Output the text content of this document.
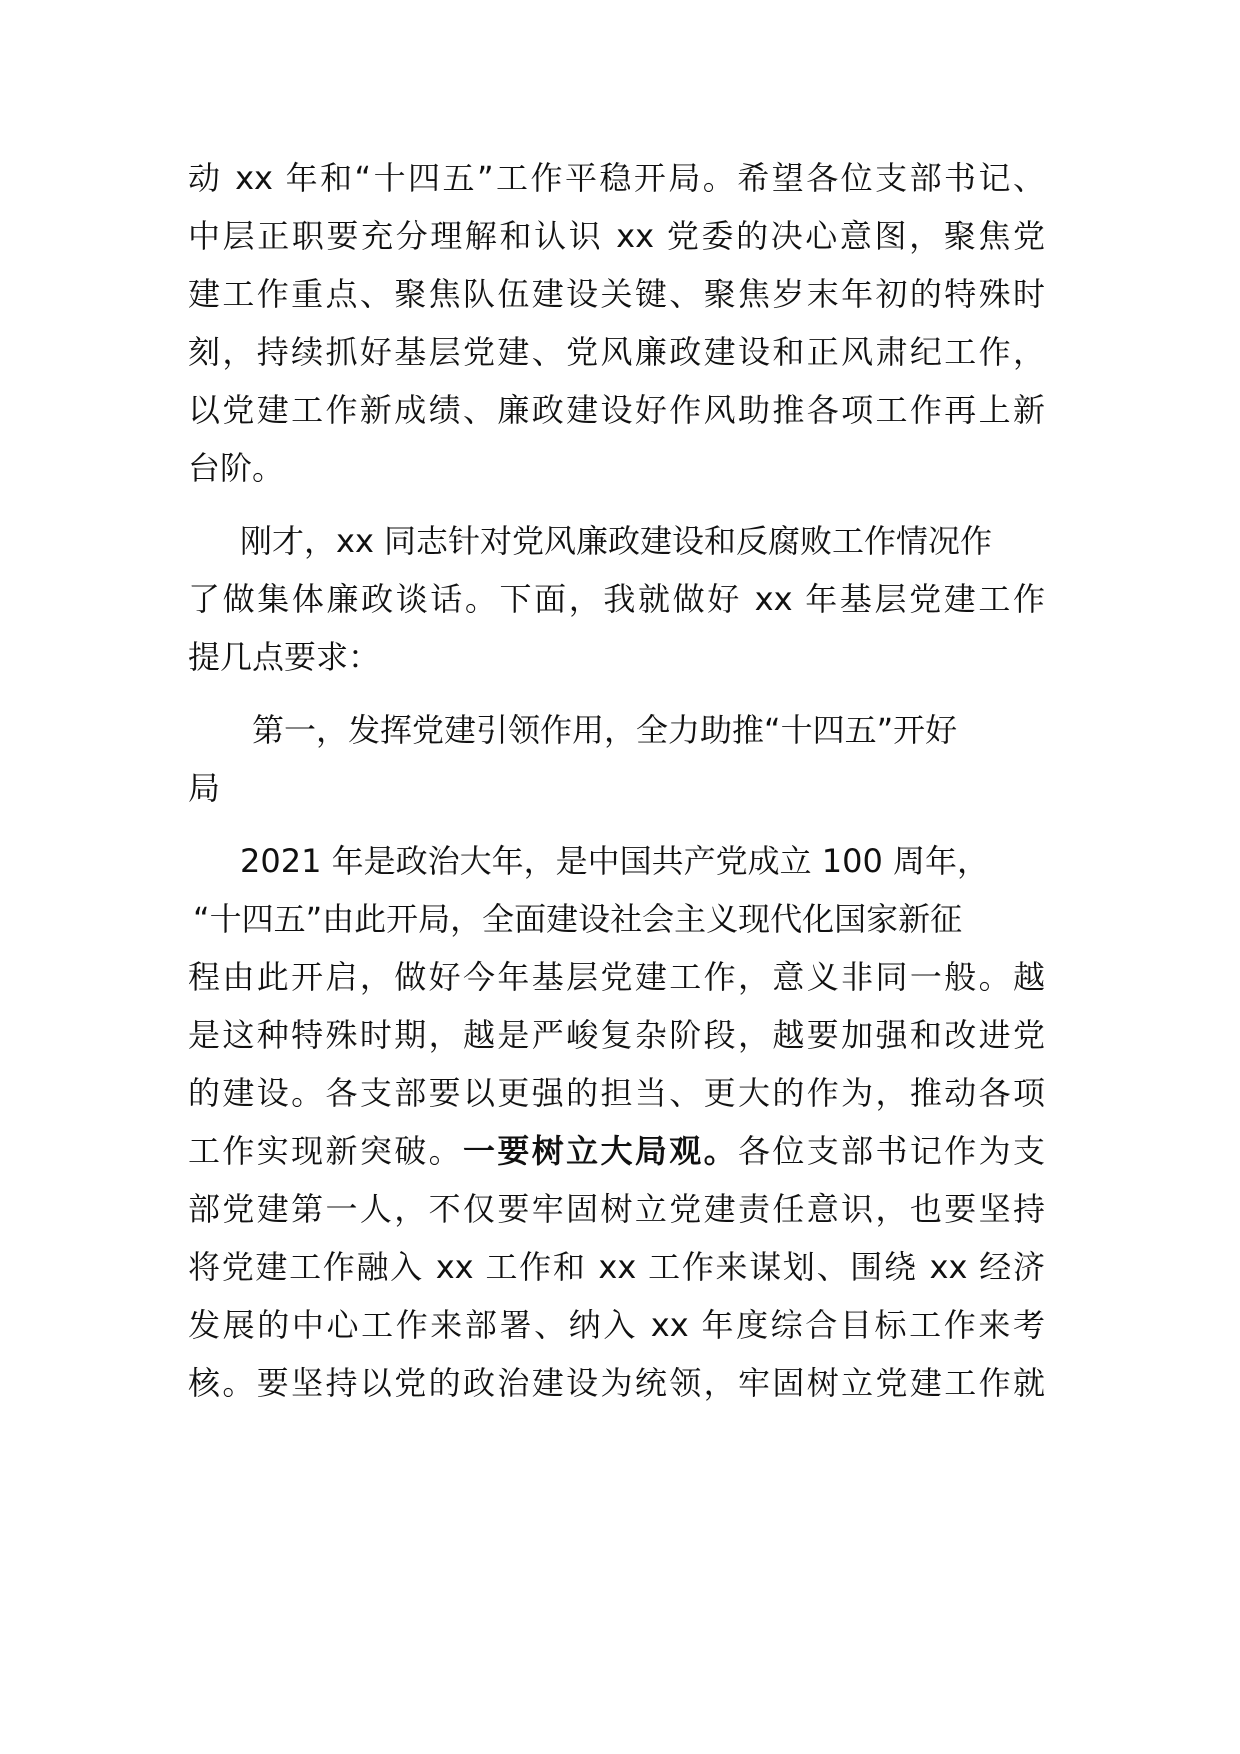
动 xx 年和“十四五”工作平稳开局。希望各位支部书记、
中层正职要充分理解和认识 xx 党委的决心意图，聚焦党
建工作重点、聚焦队伍建设关键、聚焦岁末年初的特殊时
刻，持续抓好基层党建、党风廉政建设和正风肃纪工作，
以党建工作新成绩、廉政建设好作风助推各项工作再上新
台阶。
刚才，xx 同志针对党风廉政建设和反腐败工作情况作
了做集体廉政谈话。下面，我就做好 xx 年基层党建工作
提几点要求：
第一，发挥党建引领作用，全力助推“十四五”开好
局
2021 年是政治大年，是中国共产党成立 100 周年，
“十四五”由此开局，全面建设社会主义现代化国家新征
程由此开启，做好今年基层党建工作，意义非同一般。越
是这种特殊时期，越是严峻复杂阶段，越要加强和改进党
的建设。各支部要以更强的担当、更大的作为，推动各项
工作实现新突破。一要树立大局观。各位支部书记作为支
部党建第一人，不仅要牢固树立党建责任意识，也要坚持
将党建工作融入 xx 工作和 xx 工作来谋划、围绕 xx 经济
发展的中心工作来部署、纳入 xx 年度综合目标工作来考
核。要坚持以党的政治建设为统领，牢固树立党建工作就
